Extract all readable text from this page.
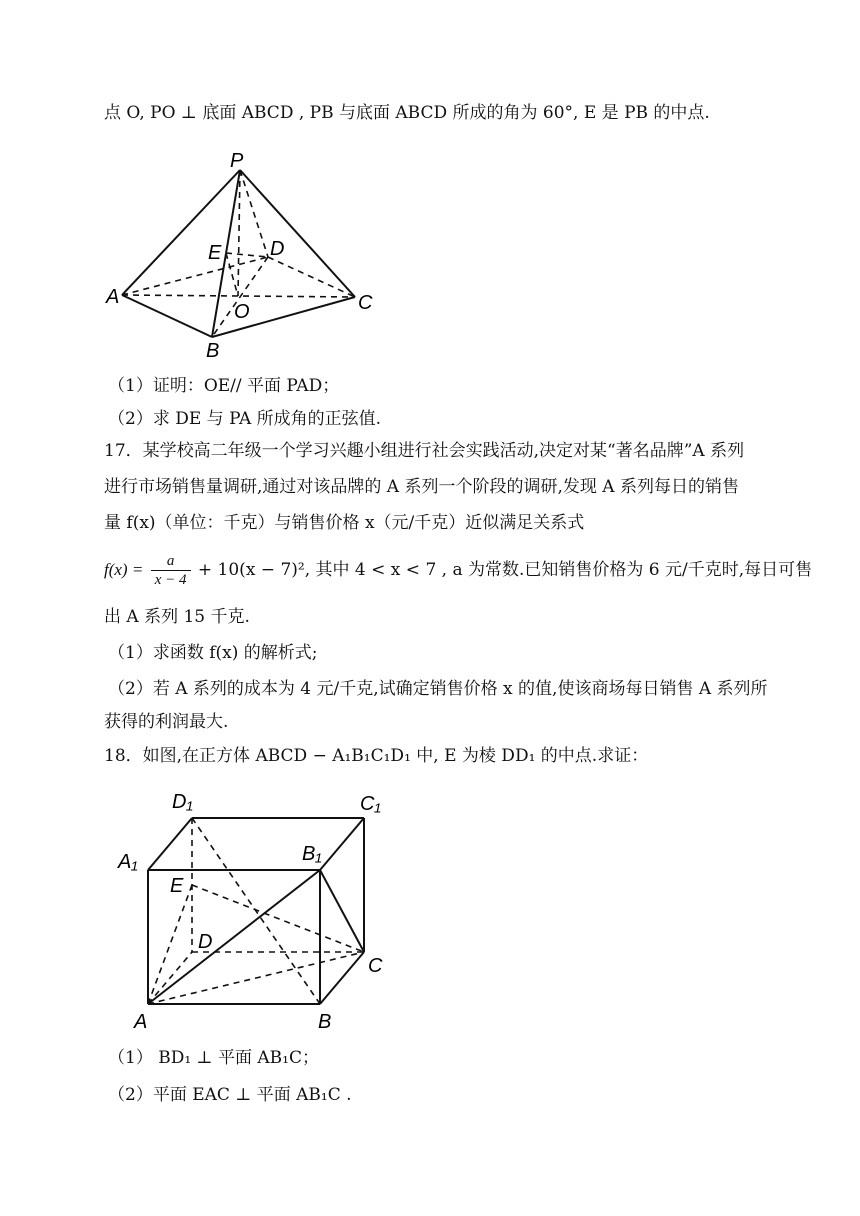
点 O, PO ⊥ 底面 ABCD , PB 与底面 ABCD 所成的角为 60°, E 是 PB 的中点.
P
A
B
C
D
E
O
（1）证明：OE// 平面 PAD；
（2）求 DE 与 PA 所成角的正弦值.
17．某学校高二年级一个学习兴趣小组进行社会实践活动,决定对某“著名品牌”A 系列
进行市场销售量调研,通过对该品牌的 A 系列一个阶段的调研,发现 A 系列每日的销售
量 f(x)（单位：千克）与销售价格 x（元/千克）近似满足关系式
$f(x) = \frac{a}{x - 4} + 10(x - 7)^2$, 其中 4 < x < 7 , a 为常数.已知销售价格为 6 元/千克时,每日可售
出 A 系列 15 千克.
（1）求函数 f(x) 的解析式;
（2）若 A 系列的成本为 4 元/千克,试确定销售价格 x 的值,使该商场每日销售 A 系列所
获得的利润最大.
18．如图,在正方体 ABCD − A₁B₁C₁D₁ 中, E 为棱 DD₁ 的中点.求证：
D₁	C₁
A₁	B₁
E
D
C
A	B
（1） BD₁ ⊥ 平面 AB₁C；
（2）平面 EAC ⊥ 平面 AB₁C .
